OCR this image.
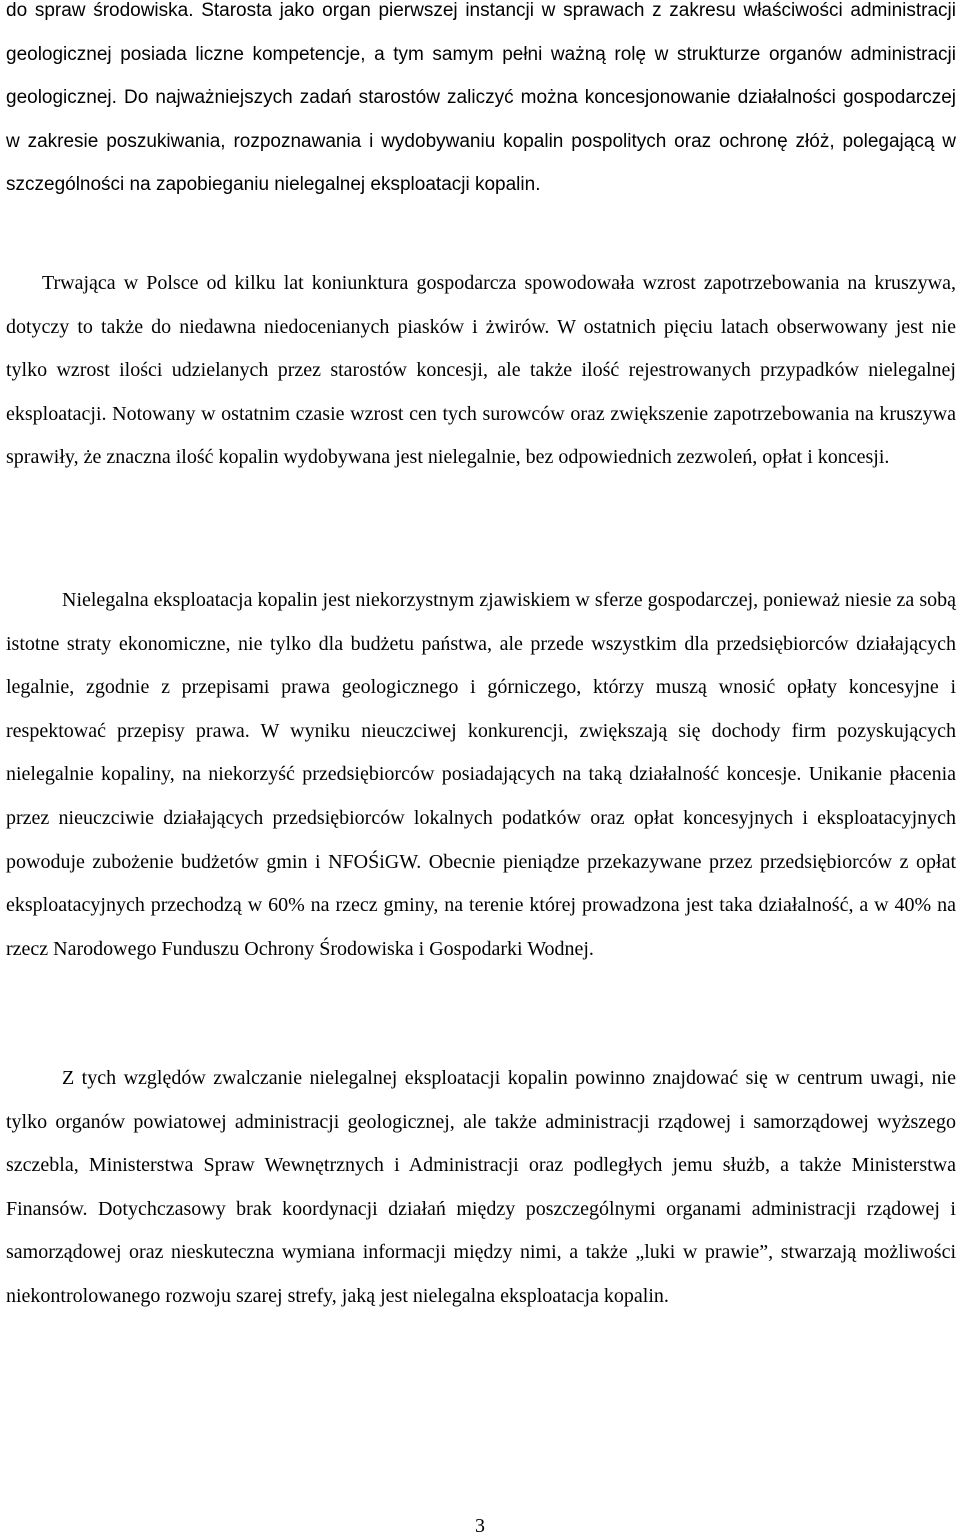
do spraw środowiska. Starosta jako organ pierwszej instancji w sprawach z zakresu właściwości administracji geologicznej posiada liczne kompetencje, a tym samym pełni ważną rolę w strukturze organów administracji geologicznej. Do najważniejszych zadań starostów zaliczyć można koncesjonowanie działalności gospodarczej w zakresie poszukiwania, rozpoznawania i wydobywaniu kopalin pospolitych oraz ochronę złóż, polegającą w szczególności na zapobieganiu nielegalnej eksploatacji kopalin.

Trwająca w Polsce od kilku lat koniunktura gospodarcza spowodowała wzrost zapotrzebowania na kruszywa, dotyczy to także do niedawna niedocenianych piasków i żwirów. W ostatnich pięciu latach obserwowany jest nie tylko wzrost ilości udzielanych przez starostów koncesji, ale także ilość rejestrowanych przypadków nielegalnej eksploatacji. Notowany w ostatnim czasie wzrost cen tych surowców oraz zwiększenie zapotrzebowania na kruszywa sprawiły, że znaczna ilość kopalin wydobywana jest nielegalnie, bez odpowiednich zezwoleń, opłat i koncesji.

Nielegalna eksploatacja kopalin jest niekorzystnym zjawiskiem w sferze gospodarczej, ponieważ niesie za sobą istotne straty ekonomiczne, nie tylko dla budżetu państwa, ale przede wszystkim dla przedsiębiorców działających legalnie, zgodnie z przepisami prawa geologicznego i górniczego, którzy muszą wnosić opłaty koncesyjne i respektować przepisy prawa. W wyniku nieuczciwej konkurencji, zwiększają się dochody firm pozyskujących nielegalnie kopaliny, na niekorzyść przedsiębiorców posiadających na taką działalność koncesje. Unikanie płacenia przez nieuczciwie działających przedsiębiorców lokalnych podatków oraz opłat koncesyjnych i eksploatacyjnych powoduje zubożenie budżetów gmin i NFOŚiGW. Obecnie pieniądze przekazywane przez przedsiębiorców z opłat eksploatacyjnych przechodzą w 60% na rzecz gminy, na terenie której prowadzona jest taka działalność, a w 40% na rzecz Narodowego Funduszu Ochrony Środowiska i Gospodarki Wodnej.

Z tych względów zwalczanie nielegalnej eksploatacji kopalin powinno znajdować się w centrum uwagi, nie tylko organów powiatowej administracji geologicznej, ale także administracji rządowej i samorządowej wyższego szczebla, Ministerstwa Spraw Wewnętrznych i Administracji oraz podległych jemu służb, a także Ministerstwa Finansów. Dotychczasowy brak koordynacji działań między poszczególnymi organami administracji rządowej i samorządowej oraz nieskuteczna wymiana informacji między nimi, a także „luki w prawie”, stwarzają możliwości niekontrolowanego rozwoju szarej strefy, jaką jest nielegalna eksploatacja kopalin.

3
